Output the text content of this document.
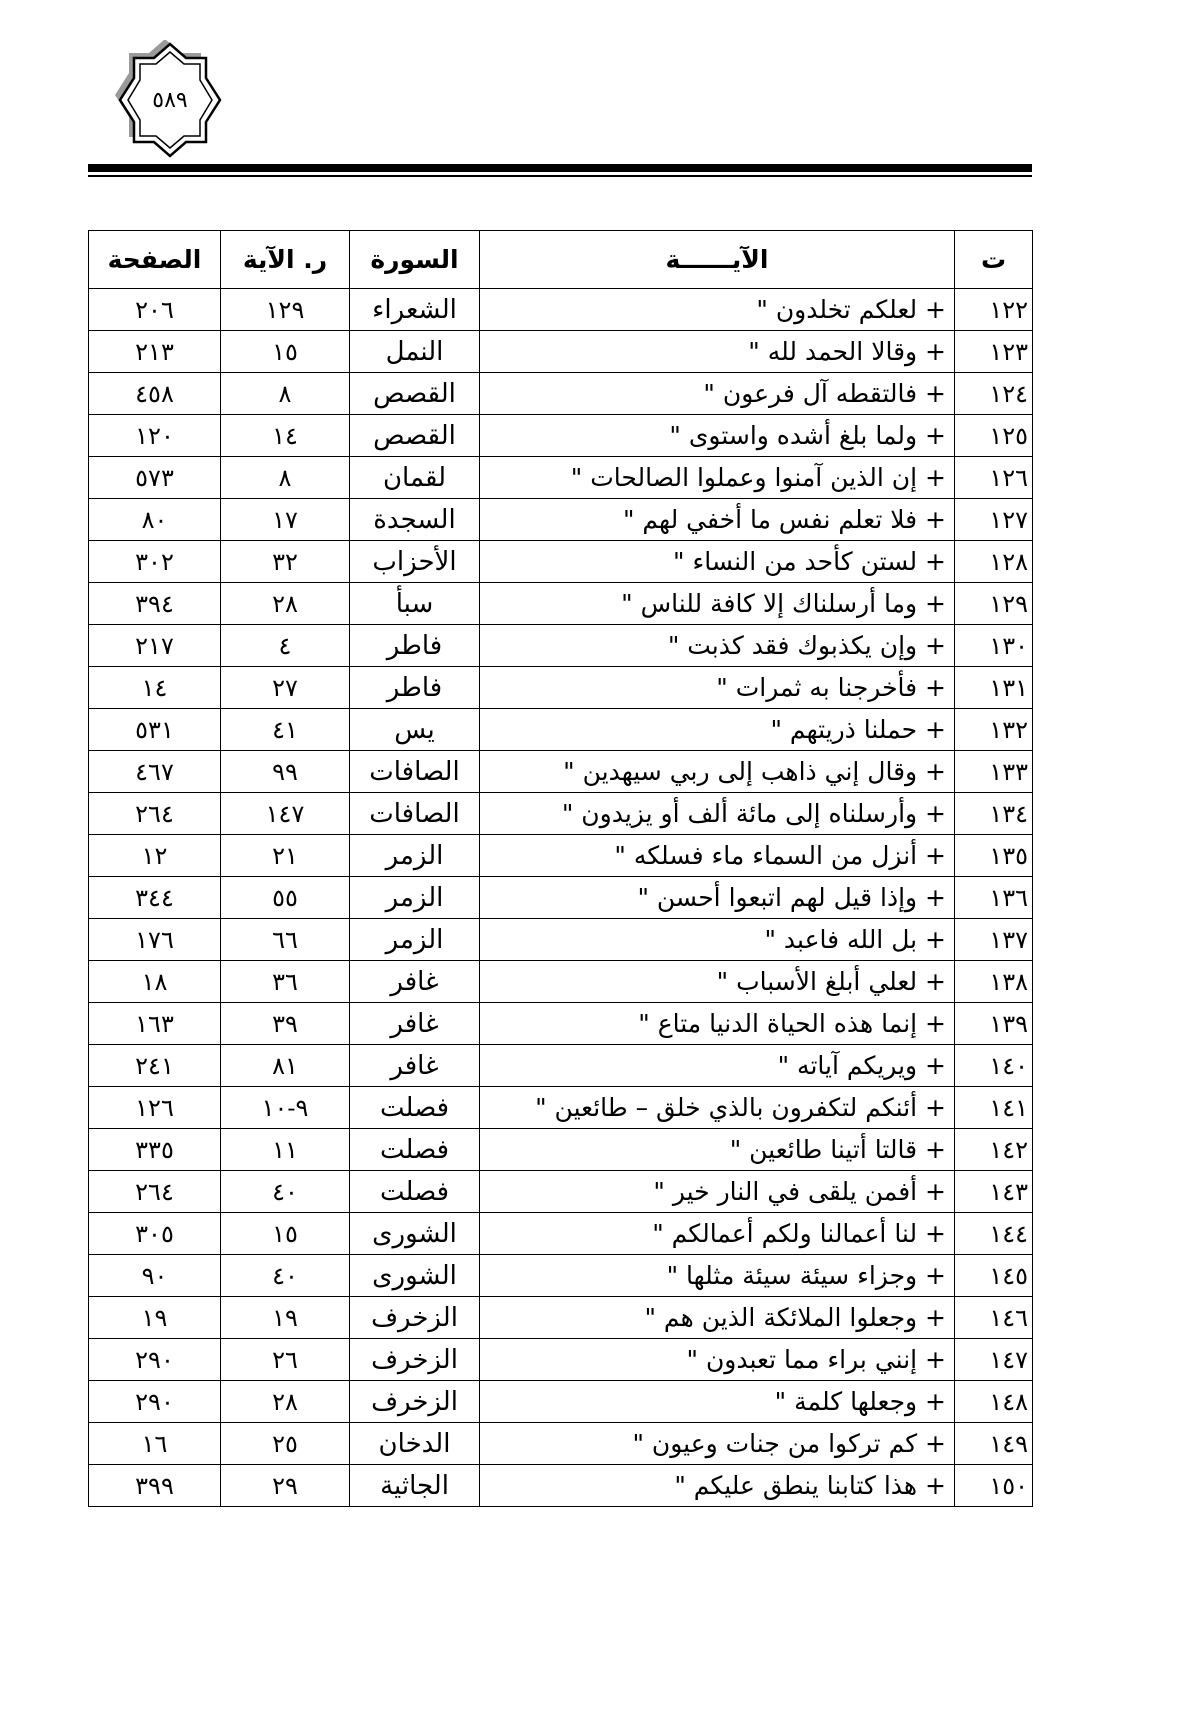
٥٨٩
ت	الآيــــــة	السورة	ر. الآية	الصفحة
١٢٢	+ لعلكم تخلدون "	الشعراء	١٢٩	٢٠٦
١٢٣	+ وقالا الحمد لله "	النمل	١٥	٢١٣
١٢٤	+ فالتقطه آل فرعون "	القصص	٨	٤٥٨
١٢٥	+ ولما بلغ أشده واستوى "	القصص	١٤	١٢٠
١٢٦	+ إن الذين آمنوا وعملوا الصالحات "	لقمان	٨	٥٧٣
١٢٧	+ فلا تعلم نفس ما أخفي لهم "	السجدة	١٧	٨٠
١٢٨	+ لستن كأحد من النساء "	الأحزاب	٣٢	٣٠٢
١٢٩	+ وما أرسلناك إلا كافة للناس "	سبأ	٢٨	٣٩٤
١٣٠	+ وإن يكذبوك فقد كذبت "	فاطر	٤	٢١٧
١٣١	+ فأخرجنا به ثمرات "	فاطر	٢٧	١٤
١٣٢	+ حملنا ذريتهم "	يس	٤١	٥٣١
١٣٣	+ وقال إني ذاهب إلى ربي سيهدين "	الصافات	٩٩	٤٦٧
١٣٤	+ وأرسلناه إلى مائة ألف أو يزيدون "	الصافات	١٤٧	٢٦٤
١٣٥	+ أنزل من السماء ماء فسلكه "	الزمر	٢١	١٢
١٣٦	+ وإذا قيل لهم اتبعوا أحسن "	الزمر	٥٥	٣٤٤
١٣٧	+ بل الله فاعبد "	الزمر	٦٦	١٧٦
١٣٨	+ لعلي أبلغ الأسباب "	غافر	٣٦	١٨
١٣٩	+ إنما هذه الحياة الدنيا متاع "	غافر	٣٩	١٦٣
١٤٠	+ ويريكم آياته "	غافر	٨١	٢٤١
١٤١	+ أئنكم لتكفرون بالذي خلق – طائعين "	فصلت	٩-١٠	١٢٦
١٤٢	+ قالتا أتينا طائعين "	فصلت	١١	٣٣٥
١٤٣	+ أفمن يلقى في النار خير "	فصلت	٤٠	٢٦٤
١٤٤	+ لنا أعمالنا ولكم أعمالكم "	الشورى	١٥	٣٠٥
١٤٥	+ وجزاء سيئة سيئة مثلها "	الشورى	٤٠	٩٠
١٤٦	+ وجعلوا الملائكة الذين هم "	الزخرف	١٩	١٩
١٤٧	+ إنني براء مما تعبدون "	الزخرف	٢٦	٢٩٠
١٤٨	+ وجعلها كلمة "	الزخرف	٢٨	٢٩٠
١٤٩	+ كم تركوا من جنات وعيون "	الدخان	٢٥	١٦
١٥٠	+ هذا كتابنا ينطق عليكم "	الجاثية	٢٩	٣٩٩
